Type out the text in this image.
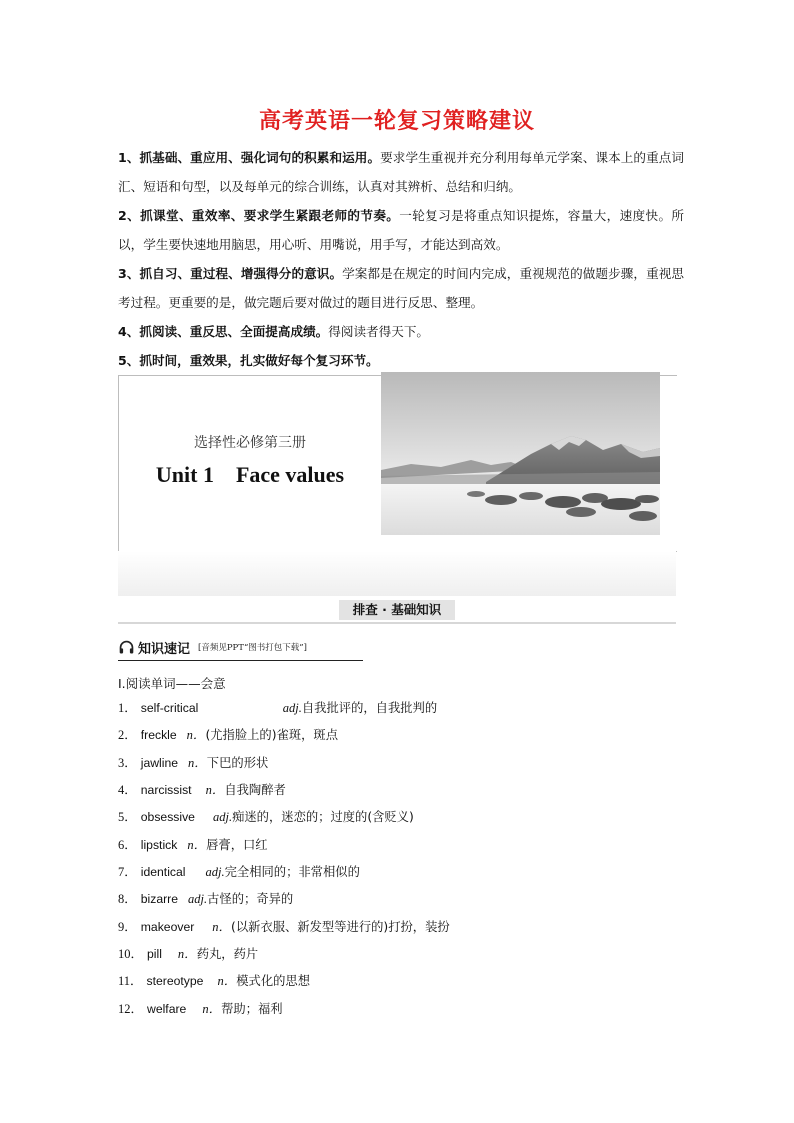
高考英语一轮复习策略建议

1、抓基础、重应用、强化词句的积累和运用。要求学生重视并充分利用每单元学案、课本上的重点词汇、短语和句型，以及每单元的综合训练，认真对其辨析、总结和归纳。

2、抓课堂、重效率、要求学生紧跟老师的节奏。一轮复习是将重点知识提炼，容量大，速度快。所以，学生要快速地用脑思，用心听、用嘴说，用手写，才能达到高效。

3、抓自习、重过程、增强得分的意识。学案都是在规定的时间内完成，重视规范的做题步骤，重视思考过程。更重要的是，做完题后要对做过的题目进行反思、整理。

4、抓阅读、重反思、全面提高成绩。得阅读者得天下。

5、抓时间，重效果，扎实做好每个复习环节。

选择性必修第三册
Unit 1    Face values
排查 · 基础知识
知识速记 [音频见PPT“图书打包下载”]
Ⅰ.阅读单词——会意
1． self-critical	adj. 自我批评的，自我批判的
2． freckle n． (尤指脸上的)雀斑，斑点
3． jawline n． 下巴的形状
4． narcissist n． 自我陶醉者
5． obsessive adj. 痴迷的，迷恋的；过度的(含贬义)
6． lipstick n． 唇膏，口红
7． identical adj. 完全相同的；非常相似的
8． bizarre adj. 古怪的；奇异的
9． makeover n． (以新衣服、新发型等进行的)打扮，装扮
10． pill n． 药丸，药片
11． stereotype n． 模式化的思想
12． welfare n． 帮助；福利
